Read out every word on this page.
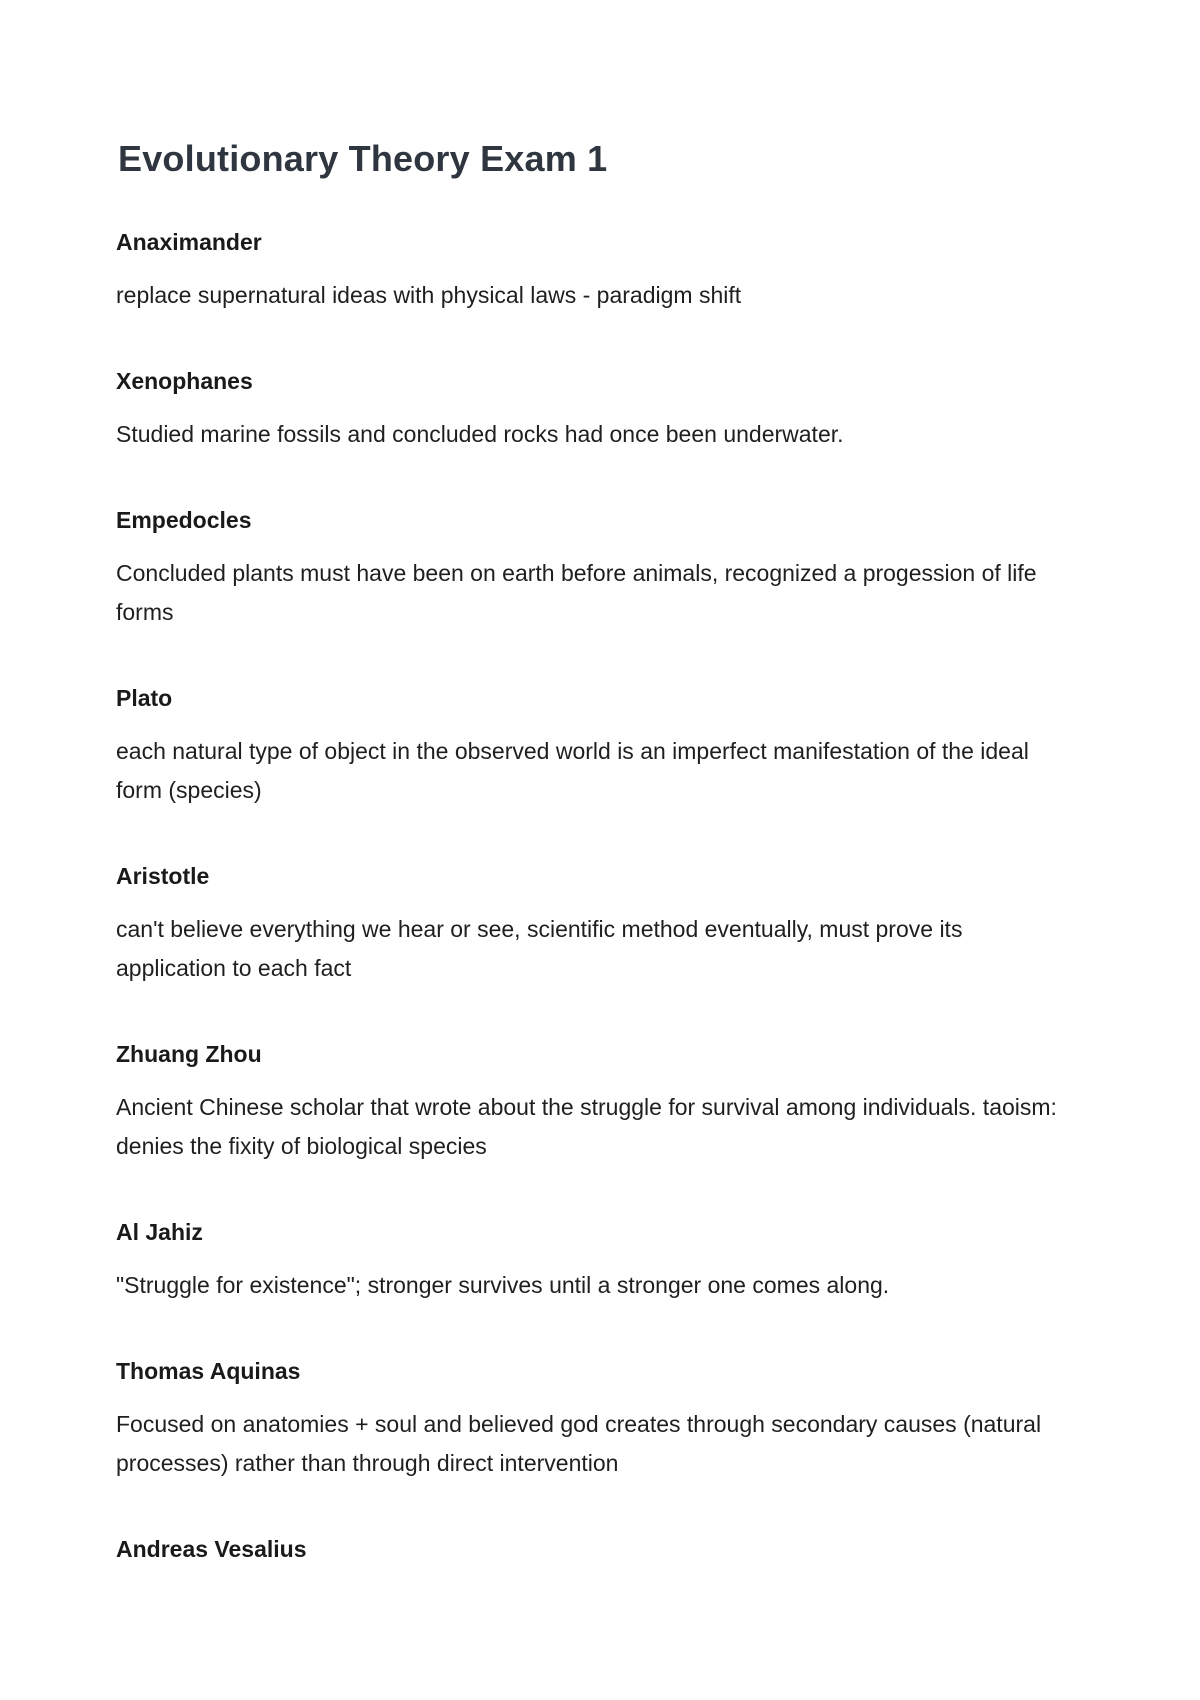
Evolutionary Theory Exam 1
Anaximander

replace supernatural ideas with physical laws - paradigm shift

Xenophanes

Studied marine fossils and concluded rocks had once been underwater.

Empedocles

Concluded plants must have been on earth before animals, recognized a progession of life forms

Plato

each natural type of object in the observed world is an imperfect manifestation of the ideal form (species)

Aristotle

can't believe everything we hear or see, scientific method eventually, must prove its application to each fact

Zhuang Zhou

Ancient Chinese scholar that wrote about the struggle for survival among individuals. taoism: denies the fixity of biological species

Al Jahiz

"Struggle for existence"; stronger survives until a stronger one comes along.

Thomas Aquinas

Focused on anatomies + soul and believed god creates through secondary causes (natural processes) rather than through direct intervention

Andreas Vesalius
